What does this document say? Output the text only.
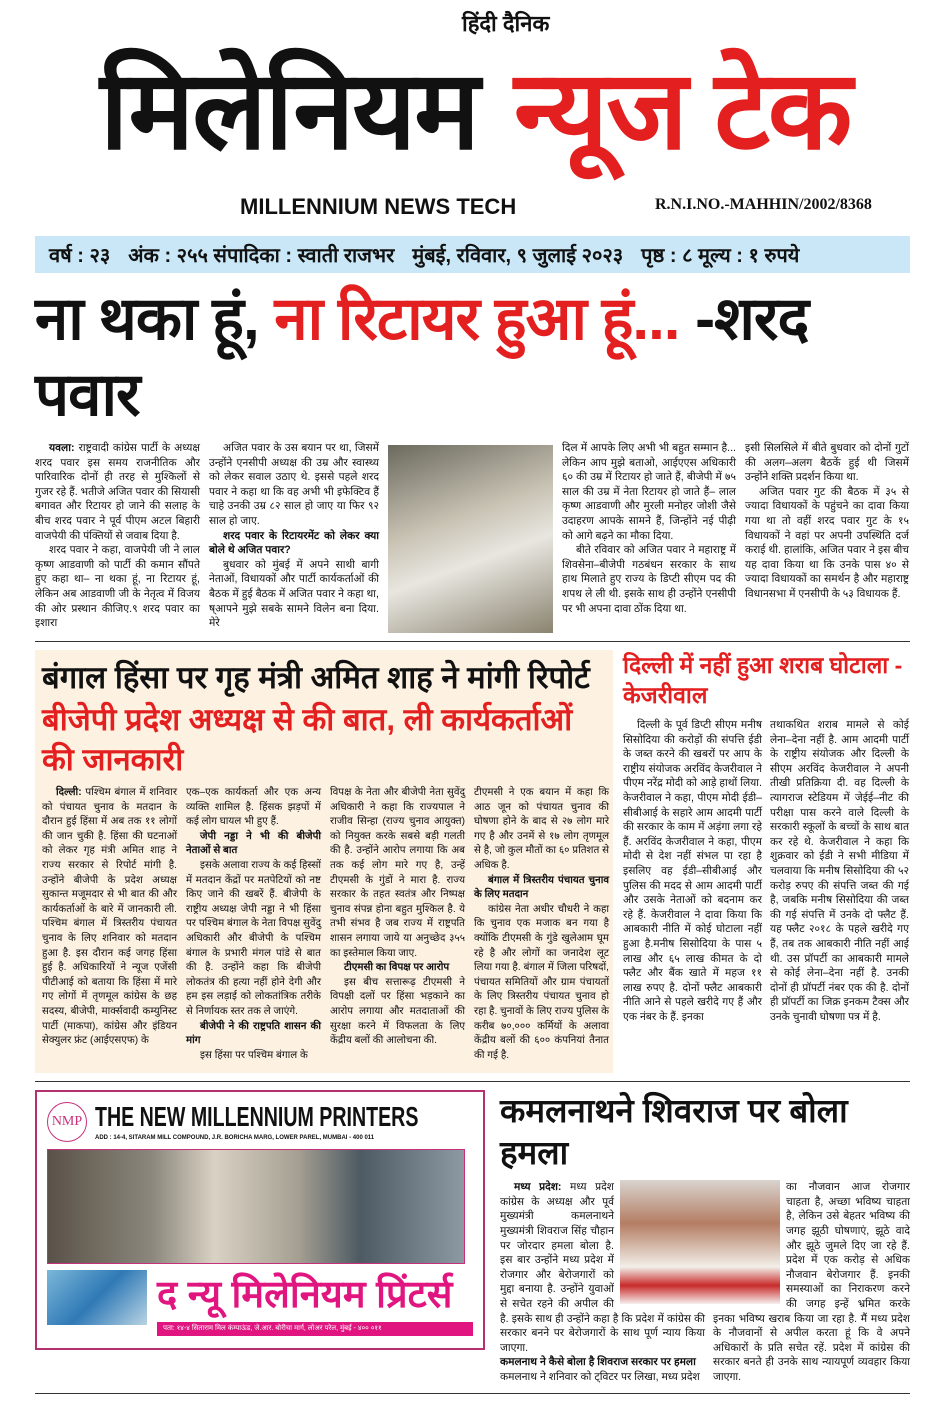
हिंदी दैनिक
मिलेनियम न्यूज टेक
MILLENNIUM NEWS TECH	R.N.I.NO.-MAHHIN/2002/8368
वर्ष : २३ अंक : २५५ संपादिका : स्वाती राजभर मुंबई, रविवार, ९ जुलाई २०२३ पृष्ठ : ८ मूल्य : १ रुपये
ना थका हूं, ना रिटायर हुआ हूं... -शरद पवार

यवला: राष्ट्रवादी कांग्रेस पार्टी के अध्यक्ष शरद पवार इस समय राजनीतिक और पारिवारिक दोनों ही तरह से मुश्किलों से गुजर रहे हैं. भतीजे अजित पवार की सियासी बगावत और रिटायर हो जाने की सलाह के बीच शरद पवार ने पूर्व पीएम अटल बिहारी वाजपेयी की पंक्तियों से जवाब दिया है.

शरद पवार ने कहा, वाजपेयी जी ने लाल कृष्ण आडवाणी को पार्टी की कमान सौंपते हुए कहा था– ना थका हूं, ना रिटायर हूं, लेकिन अब आडवाणी जी के नेतृत्व में विजय की ओर प्रस्थान कीजिए.९ शरद पवार का इशारा

अजित पवार के उस बयान पर था, जिसमें उन्होंने एनसीपी अध्यक्ष की उम्र और स्वास्थ्य को लेकर सवाल उठाए थे. इससे पहले शरद पवार ने कहा था कि वह अभी भी इफेक्टिव हैं चाहे उनकी उम्र ८२ साल हो जाए या फिर ९२ साल हो जाए.

शरद पवार के रिटायरमेंट को लेकर क्या बोले थे अजित पवार?

बुधवार को मुंबई में अपने साथी बागी नेताओं, विधायकों और पार्टी कार्यकर्ताओं की बैठक में हुई बैठक में अजित पवार ने कहा था, ष्आपने मुझे सबके सामने विलेन बना दिया. मेरे

दिल में आपके लिए अभी भी बहुत सम्मान है... लेकिन आप मुझे बताओ, आईएएस अधिकारी ६० की उम्र में रिटायर हो जाते हैं, बीजेपी में ७५ साल की उम्र में नेता रिटायर हो जाते हैं– लाल कृष्ण आडवाणी और मुरली मनोहर जोशी जैसे उदाहरण आपके सामने हैं, जिन्होंने नई पीढ़ी को आगे बढ़ने का मौका दिया.

बीते रविवार को अजित पवार ने महाराष्ट्र में शिवसेना–बीजेपी गठबंधन सरकार के साथ हाथ मिलाते हुए राज्य के डिप्टी सीएम पद की शपथ ले ली थी. इसके साथ ही उन्होंने एनसीपी पर भी अपना दावा ठोंक दिया था.

इसी सिलसिले में बीते बुधवार को दोनों गुटों की अलग–अलग बैठकें हुई थी जिसमें उन्होंने शक्ति प्रदर्शन किया था.

अजित पवार गुट की बैठक में ३५ से ज्यादा विधायकों के पहुंचने का दावा किया गया था तो वहीं शरद पवार गुट के १५ विधायकों ने वहां पर अपनी उपस्थिति दर्ज कराई थी. हालांकि, अजित पवार ने इस बीच यह दावा किया था कि उनके पास ४० से ज्यादा विधायकों का समर्थन है और महाराष्ट्र विधानसभा में एनसीपी के ५३ विधायक हैं.

बंगाल हिंसा पर गृह मंत्री अमित शाह ने मांगी रिपोर्ट
बीजेपी प्रदेश अध्यक्ष से की बात, ली कार्यकर्ताओं की जानकारी

दिल्ली: पश्चिम बंगाल में शनिवार को पंचायत चुनाव के मतदान के दौरान हुई हिंसा में अब तक ११ लोगों की जान चुकी है. हिंसा की घटनाओं को लेकर गृह मंत्री अमित शाह ने राज्य सरकार से रिपोर्ट मांगी है. उन्होंने बीजेपी के प्रदेश अध्यक्ष सुकान्त मजूमदार से भी बात की और कार्यकर्ताओं के बारे में जानकारी ली. पश्चिम बंगाल में त्रिस्तरीय पंचायत चुनाव के लिए शनिवार को मतदान हुआ है. इस दौरान कई जगह हिंसा हुई है. अधिकारियों ने न्यूज एजेंसी पीटीआई को बताया कि हिंसा में मारे गए लोगों में तृणमूल कांग्रेस के छह सदस्य, बीजेपी, मार्क्सवादी कम्युनिस्ट पार्टी (माकपा), कांग्रेस और इंडियन सेक्युलर फ्रंट (आईएसएफ) के

एक–एक कार्यकर्ता और एक अन्य व्यक्ति शामिल है. हिंसक झड़पों में कई लोग घायल भी हुए हैं.

जेपी नड्डा ने भी की बीजेपी नेताओं से बात

इसके अलावा राज्य के कई हिस्सों में मतदान केंद्रों पर मतपेटियों को नष्ट किए जाने की खबरें हैं. बीजेपी के राष्ट्रीय अध्यक्ष जेपी नड्डा ने भी हिंसा पर पश्चिम बंगाल के नेता विपक्ष सुवेंदु अधिकारी और बीजेपी के पश्चिम बंगाल के प्रभारी मंगल पांडे से बात की है. उन्होंने कहा कि बीजेपी लोकतंत्र की हत्या नहीं होने देगी और हम इस लड़ाई को लोकतांत्रिक तरीके से निर्णायक स्तर तक ले जाएंगे.

बीजेपी ने की राष्ट्रपति शासन की मांग

इस हिंसा पर पश्चिम बंगाल के

विपक्ष के नेता और बीजेपी नेता सुवेंदु अधिकारी ने कहा कि राज्यपाल ने राजीव सिन्हा (राज्य चुनाव आयुक्त) को नियुक्त करके सबसे बड़ी गलती की है. उन्होंने आरोप लगाया कि अब तक कई लोग मारे गए है, उन्हें टीएमसी के गुंडों ने मारा है. राज्य सरकार के तहत स्वतंत्र और निष्पक्ष चुनाव संपन्न होना बहुत मुश्किल है. ये तभी संभव है जब राज्य में राष्ट्रपति शासन लगाया जाये या अनुच्छेद ३५५ का इस्तेमाल किया जाए.

टीएमसी का विपक्ष पर आरोप

इस बीच सत्तारूढ़ टीएमसी ने विपक्षी दलों पर हिंसा भड़काने का आरोप लगाया और मतदाताओं की सुरक्षा करने में विफलता के लिए केंद्रीय बलों की आलोचना की.

टीएमसी ने एक बयान में कहा कि आठ जून को पंचायत चुनाव की घोषणा होने के बाद से २७ लोग मारे गए है और उनमें से १७ लोग तृणमूल से है, जो कुल मौतों का ६० प्रतिशत से अधिक है.

बंगाल में त्रिस्तरीय पंचायत चुनाव के लिए मतदान

कांग्रेस नेता अधीर चौधरी ने कहा कि चुनाव एक मजाक बन गया है क्योंकि टीएमसी के गुंडे खुलेआम घूम रहे है और लोगों का जनादेश लूट लिया गया है. बंगाल में जिला परिषदों, पंचायत समितियों और ग्राम पंचायतों के लिए त्रिस्तरीय पंचायत चुनाव हो रहा है. चुनावों के लिए राज्य पुलिस के करीब ७०,००० कर्मियों के अलावा केंद्रीय बलों की ६०० कंपनियां तैनात की गई है.

दिल्ली में नहीं हुआ शराब घोटाला - केजरीवाल

दिल्ली के पूर्व डिप्टी सीएम मनीष सिसोदिया की करोड़ों की संपत्ति ईडी के जब्त करने की खबरों पर आप के राष्ट्रीय संयोजक अरविंद केजरीवाल ने पीएम नरेंद्र मोदी को आड़े हाथों लिया. केजरीवाल ने कहा, पीएम मोदी ईडी–सीबीआई के सहारे आम आदमी पार्टी की सरकार के काम में अड़ंगा लगा रहे हैं. अरविंद केजरीवाल ने कहा, पीएम मोदी से देश नहीं संभल पा रहा है इसलिए वह ईडी–सीबीआई और पुलिस की मदद से आम आदमी पार्टी और उसके नेताओं को बदनाम कर रहे हैं. केजरीवाल ने दावा किया कि आबकारी नीति में कोई घोटाला नहीं हुआ है.मनीष सिसोदिया के पास ५ लाख और ६५ लाख कीमत के दो फ्लैट और बैंक खाते में महज ११ लाख रुपए है. दोनों फ्लैट आबकारी नीति आने से पहले खरीदे गए हैं और एक नंबर के हैं. इनका

तथाकथित शराब मामले से कोई लेना–देना नहीं है. आम आदमी पार्टी के राष्ट्रीय संयोजक और दिल्ली के सीएम अरविंद केजरीवाल ने अपनी तीखी प्रतिक्रिया दी. वह दिल्ली के त्यागराज स्टेडियम में जेईई–नीट की परीक्षा पास करने वाले दिल्ली के सरकारी स्कूलों के बच्चों के साथ बात कर रहे थे. केजरीवाल ने कहा कि शुक्रवार को ईडी ने सभी मीडिया में चलवाया कि मनीष सिसोदिया की ५२ करोड़ रुपए की संपत्ति जब्त की गई है, जबकि मनीष सिसोदिया की जब्त की गई संपत्ति में उनके दो फ्लैट हैं. यह फ्लैट २०१८ के पहले खरीदे गए हैं, तब तक आबकारी नीति नहीं आई थी. उस प्रॉपर्टी का आबकारी मामले से कोई लेना–देना नहीं है. उनकी दोनों ही प्रॉपर्टी नंबर एक की है. दोनों ही प्रॉपर्टी का जिक्र इनकम टैक्स और उनके चुनावी घोषणा पत्र में है.

NMP THE NEW MILLENNIUM PRINTERS
ADD : 14-4, SITARAM MILL COMPOUND, J.R. BORICHA MARG, LOWER PAREL, MUMBAI - 400 011
द न्यू मिलेनियम प्रिंटर्स
पता: १४-४ सिताराम मिल कंम्पाऊंड, जे.आर. बोरीचा मार्ग, लोअर परेल, मुंबई - ४०० ०११
कमलनाथने शिवराज पर बोला हमला

मध्य प्रदेश: मध्य प्रदेश कांग्रेस के अध्यक्ष और पूर्व मुख्यमंत्री कमलनाथने मुख्यमंत्री शिवराज सिंह चौहान पर जोरदार हमला बोला है. इस बार उन्होंने मध्य प्रदेश में रोजगार और बेरोजगारों को मुद्दा बनाया है. उन्होंने युवाओं से सचेत रहने की अपील की है. इसके साथ ही उन्होंने कहा है कि प्रदेश में कांग्रेस की सरकार बनने पर बेरोजगारों के साथ पूर्ण न्याय किया जाएगा.

कमलनाथ ने कैसे बोला है शिवराज सरकार पर हमला

कमलनाथ ने शनिवार को ट्विटर पर लिखा, मध्य प्रदेश

का नौजवान आज रोजगार चाहता है, अच्छा भविष्य चाहता है, लेकिन उसे बेहतर भविष्य की जगह झूठी घोषणाएं, झूठे वादे और झूठे जुमले दिए जा रहे हैं. प्रदेश में एक करोड़ से अधिक नौजवान बेरोजगार हैं. इनकी समस्याओं का निराकरण करने की जगह इन्हें भ्रमित करके इनका भविष्य खराब किया जा रहा है. मैं मध्य प्रदेश के नौजवानों से अपील करता हूं कि वे अपने अधिकारों के प्रति सचेत रहें. प्रदेश में कांग्रेस की सरकार बनते ही उनके साथ न्यायपूर्ण व्यवहार किया जाएगा.
